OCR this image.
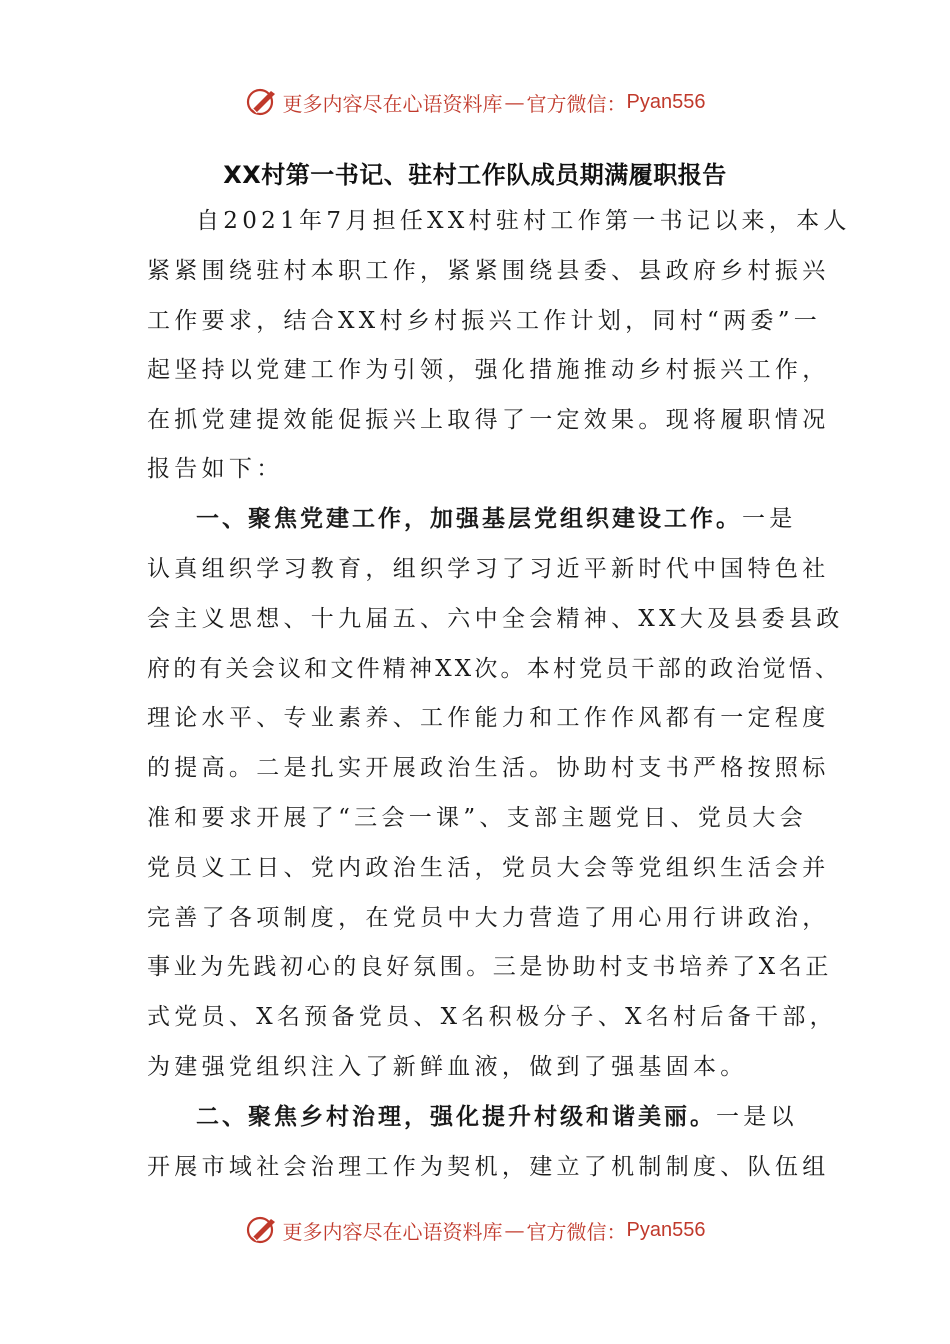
更多内容尽在心语资料库 — 官方微信： Pyan556
XX村第一书记、驻村工作队成员期满履职报告
自2021年7月担任XX村驻村工作第一书记以来，本人
紧紧围绕驻村本职工作，紧紧围绕县委、县政府乡村振兴
工作要求，结合XX村乡村振兴工作计划，同村“两委”一
起坚持以党建工作为引领，强化措施推动乡村振兴工作，
在抓党建提效能促振兴上取得了一定效果。现将履职情况
报告如下：
一、聚焦党建工作，加强基层党组织建设工作。一是
认真组织学习教育，组织学习了习近平新时代中国特色社
会主义思想、十九届五、六中全会精神、XX大及县委县政
府的有关会议和文件精神XX次。本村党员干部的政治觉悟、
理论水平、专业素养、工作能力和工作作风都有一定程度
的提高。二是扎实开展政治生活。协助村支书严格按照标
准和要求开展了“三会一课”、支部主题党日、党员大会
党员义工日、党内政治生活，党员大会等党组织生活会并
完善了各项制度，在党员中大力营造了用心用行讲政治，
事业为先践初心的良好氛围。三是协助村支书培养了X名正
式党员、X名预备党员、X名积极分子、X名村后备干部，
为建强党组织注入了新鲜血液，做到了强基固本。
二、聚焦乡村治理，强化提升村级和谐美丽。一是以
开展市域社会治理工作为契机，建立了机制制度、队伍组
更多内容尽在心语资料库 — 官方微信： Pyan556
